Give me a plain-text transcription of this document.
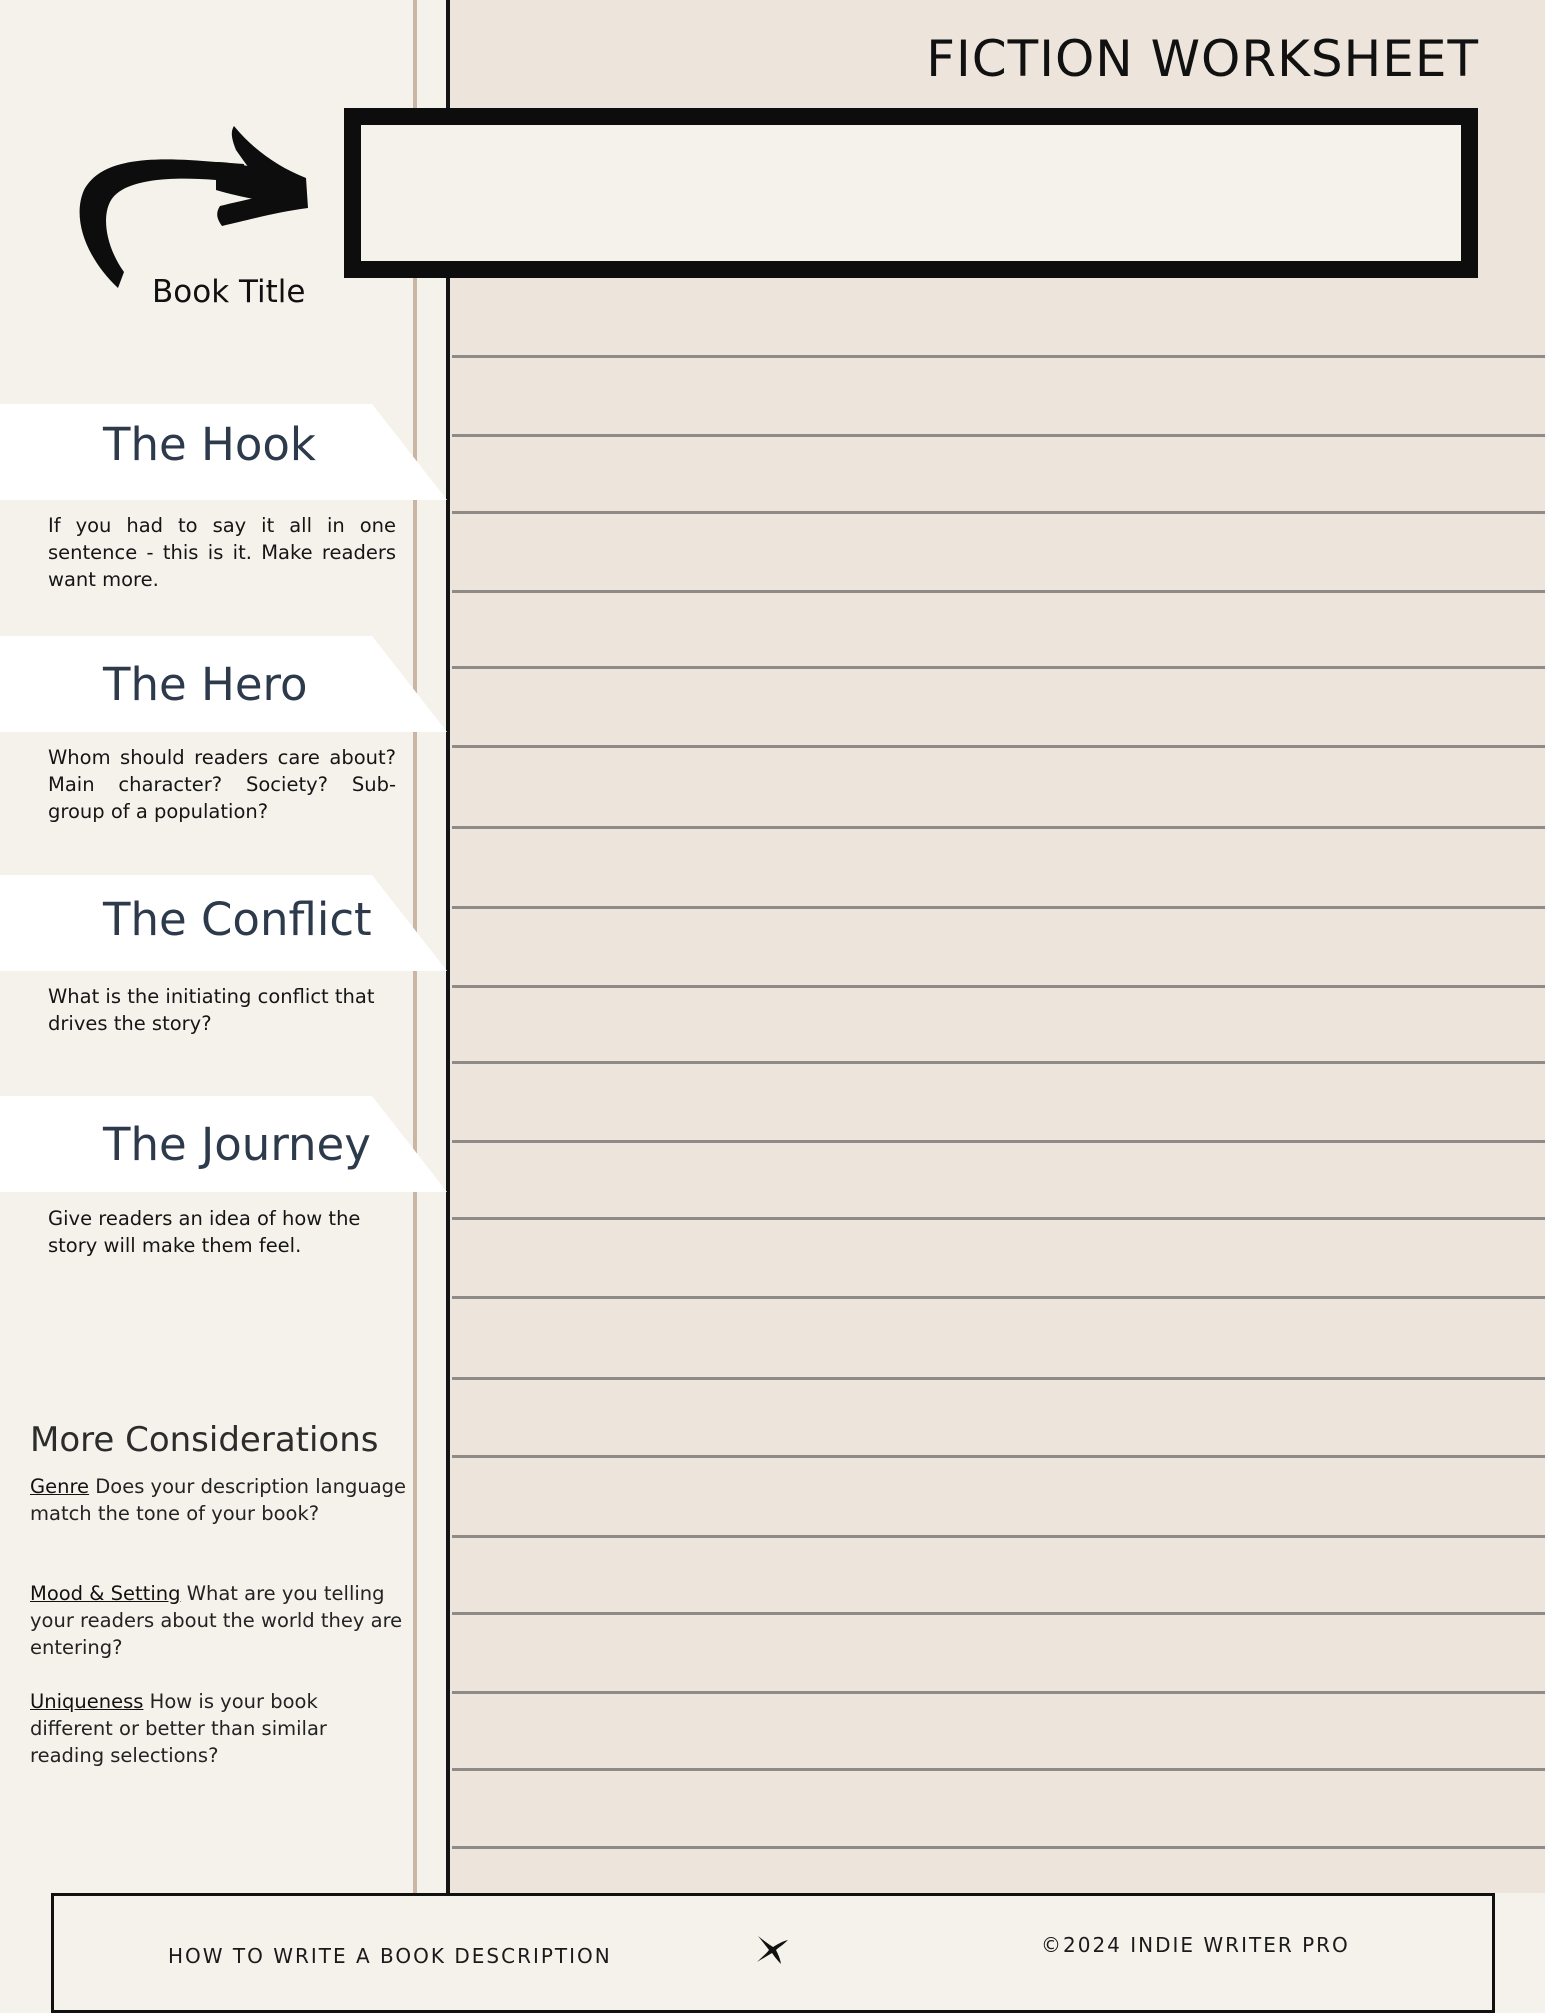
FICTION WORKSHEET
Book Title
The Hook
If you had to say it all in one sentence - this is it. Make readers want more.
The Hero
Whom should readers care about? Main character? Society? Sub-group of a population?
The Conflict
What is the initiating conflict that drives the story?
The Journey
Give readers an idea of how the story will make them feel.
More Considerations
Genre Does your description language match the tone of your book?
Mood & Setting What are you telling your readers about the world they are entering?
Uniqueness How is your book different or better than similar reading selections?
HOW TO WRITE A BOOK DESCRIPTION	©2024 INDIE WRITER PRO
